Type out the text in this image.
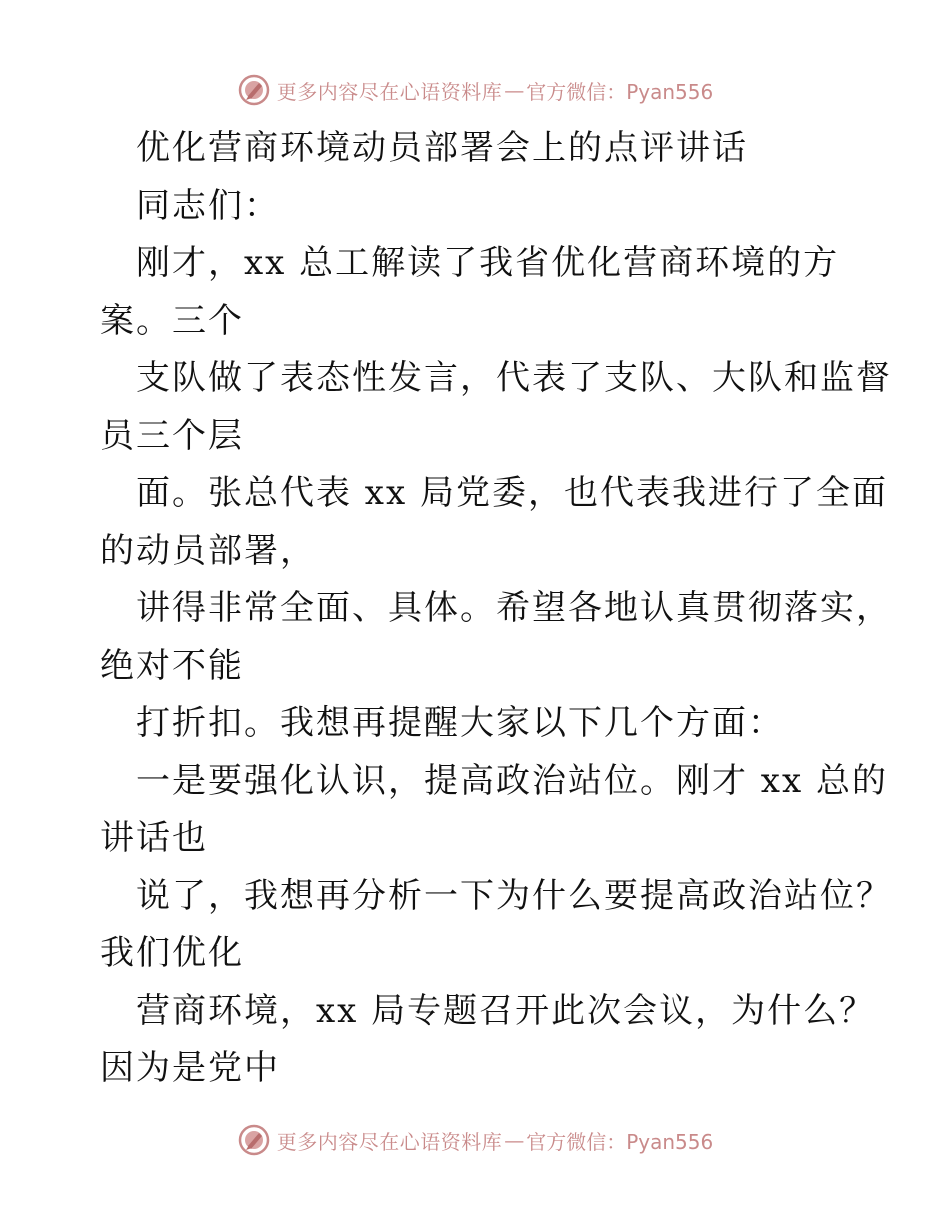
更多内容尽在心语资料库 — 官方微信：Pyan556
优化营商环境动员部署会上的点评讲话
同志们：
刚才，xx 总工解读了我省优化营商环境的方
案。三个
支队做了表态性发言，代表了支队、大队和监督
员三个层
面。张总代表 xx 局党委，也代表我进行了全面
的动员部署，
讲得非常全面、具体。希望各地认真贯彻落实，
绝对不能
打折扣。我想再提醒大家以下几个方面：
一是要强化认识，提高政治站位。刚才 xx 总的
讲话也
说了，我想再分析一下为什么要提高政治站位？
我们优化
营商环境，xx 局专题召开此次会议，为什么？
因为是党中
更多内容尽在心语资料库 — 官方微信：Pyan556
